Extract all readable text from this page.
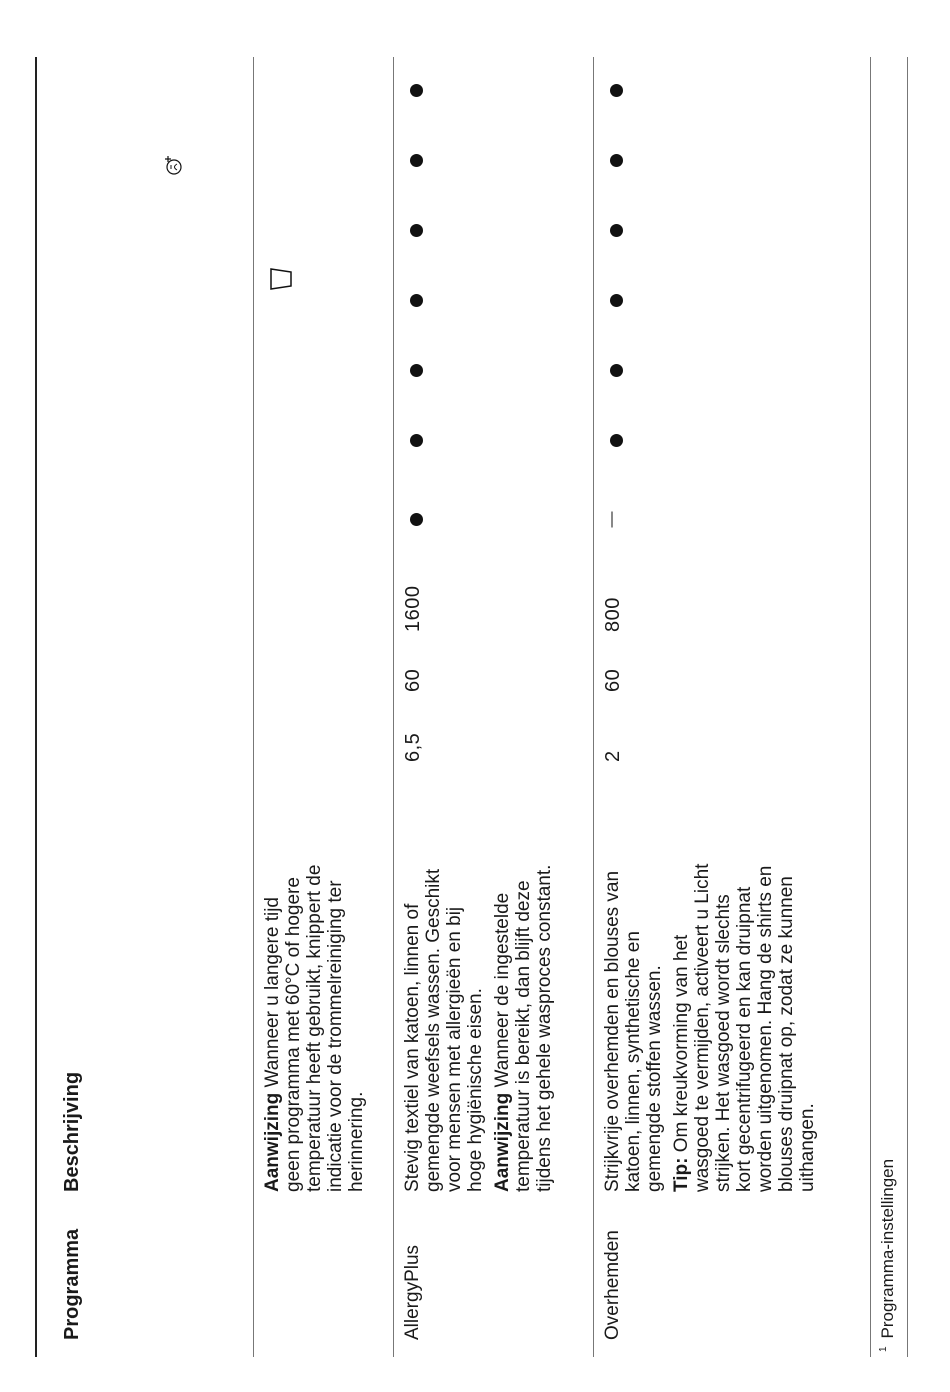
Programma
Beschrijving	Aanwijzing Wanneer u langere tijd geen programma met 60°C of hogere temperatuur heeft gebruikt, knippert de indicatie voor de trommelreiniging ter herinnering.

AllergyPlus

Stevig textiel van katoen, linnen of gemengde weefsels wassen. Geschikt voor mensen met allergieën en bij hoge hygiënische eisen. Aanwijzing Wanneer de ingestelde temperatuur is bereikt, dan blijft deze tijdens het gehele wasproces constant.

6,5
60
1600
Overhemden

Strijkvrije overhemden en blouses van katoen, linnen, synthetische en gemengde stoffen wassen. Tip: Om kreukvorming van het wasgoed te vermijden, activeert u Licht strijken. Het wasgoed wordt slechts kort gecentrifugeerd en kan druipnat worden uitgenomen. Hang de shirts en blouses druipnat op, zodat ze kunnen uithangen.

2
60
800
$^1$Programma-instellingen
